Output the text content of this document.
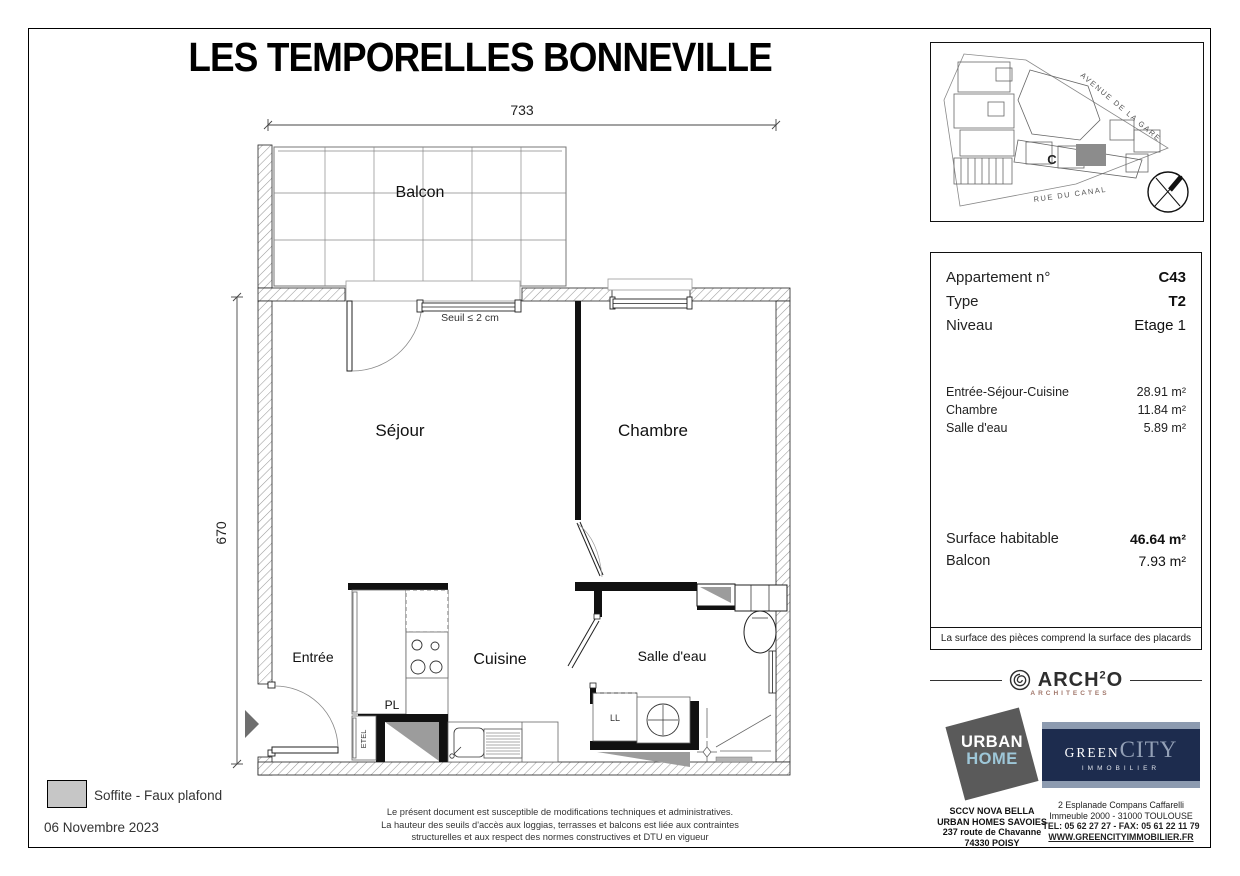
LES TEMPORELLES BONNEVILLE
733
670
Balcon
Seuil ≤ 2 cm
Entrée
Séjour	Chambre
LL
Salle d'eau
PL
ETEL
Cuisine
C
AVENUE DE LA GARE
RUE DU CANAL
Appartement n°	C43
Type	T2
Niveau	Etage 1
Entrée-Séjour-Cuisine	28.91 m²
Chambre	11.84 m²
Salle d'eau	5.89 m²
Surface habitable	46.64 m²
Balcon	7.93 m²
La surface des pièces comprend la surface des placards
ARCH$^2$O
ARCHITECTES
URBAN
HOME	GREENCITY
IMMOBILIER
SCCV NOVA BELLA
URBAN HOMES SAVOIES
237 route de Chavanne
74330 POISY
2 Esplanade Compans Caffarelli
Immeuble 2000 - 31000 TOULOUSE
TEL: 05 62 27 27 - FAX: 05 61 22 11 79
WWW.GREENCITYIMMOBILIER.FR
Soffite - Faux plafond
06 Novembre 2023
Le présent document est susceptible de modifications techniques et administratives.
La hauteur des seuils d'accès aux loggias, terrasses et balcons est liée aux contraintes
structurelles et aux respect des normes constructives et DTU en vigueur
